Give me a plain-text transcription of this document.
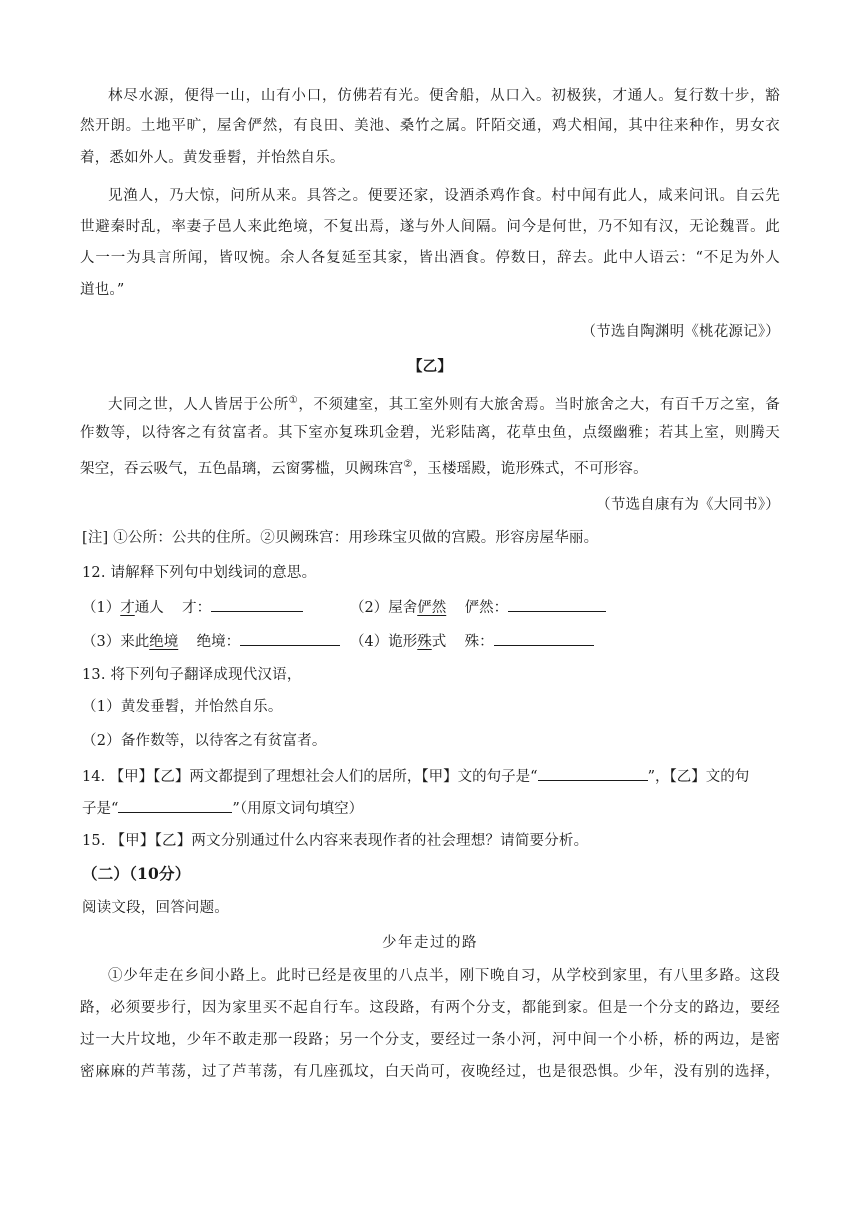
林尽水源，便得一山，山有小口，仿佛若有光。便舍船，从口入。初极狭，才通人。复行数十步，豁
然开朗。土地平旷，屋舍俨然，有良田、美池、桑竹之属。阡陌交通，鸡犬相闻，其中往来种作，男女衣
着，悉如外人。黄发垂髫，并怡然自乐。
见渔人，乃大惊，问所从来。具答之。便要还家，设酒杀鸡作食。村中闻有此人，咸来问讯。自云先
世避秦时乱，率妻子邑人来此绝境，不复出焉，遂与外人间隔。问今是何世，乃不知有汉，无论魏晋。此
人一一为具言所闻，皆叹惋。余人各复延至其家，皆出酒食。停数日，辞去。此中人语云：“不足为外人
道也。”
（节选自陶渊明《桃花源记》）
【乙】
大同之世，人人皆居于公所①，不须建室，其工室外则有大旅舍焉。当时旅舍之大，有百千万之室，备
作数等，以待客之有贫富者。其下室亦复珠玑金碧，光彩陆离，花草虫鱼，点缀幽雅；若其上室，则腾天
架空，吞云吸气，五色晶璃，云窗雾槛，贝阙珠宫②，玉楼瑶殿，诡形殊式，不可形容。
（节选自康有为《大同书》）
[注] ①公所：公共的住所。②贝阙珠宫：用珍珠宝贝做的宫殿。形容房屋华丽。
12. 请解释下列句中划线词的意思。
（1）才通人    才：	（2）屋舍俨然    俨然：
（3）来此绝境    绝境：	（4）诡形殊式    殊：
13. 将下列句子翻译成现代汉语，
（1）黄发垂髫，并怡然自乐。
（2）备作数等，以待客之有贫富者。
14. 【甲】【乙】两文都提到了理想社会人们的居所，【甲】文的句子是“	”，【乙】文的句
子是“	”（用原文词句填空）
15. 【甲】【乙】两文分别通过什么内容来表现作者的社会理想？请简要分析。
（二）（10分）
阅读文段，回答问题。
少年走过的路
①少年走在乡间小路上。此时已经是夜里的八点半，刚下晚自习，从学校到家里，有八里多路。这段
路，必须要步行，因为家里买不起自行车。这段路，有两个分支，都能到家。但是一个分支的路边，要经
过一大片坟地，少年不敢走那一段路；另一个分支，要经过一条小河，河中间一个小桥，桥的两边，是密
密麻麻的芦苇荡，过了芦苇荡，有几座孤坟，白天尚可，夜晚经过，也是很恐惧。少年，没有别的选择，
